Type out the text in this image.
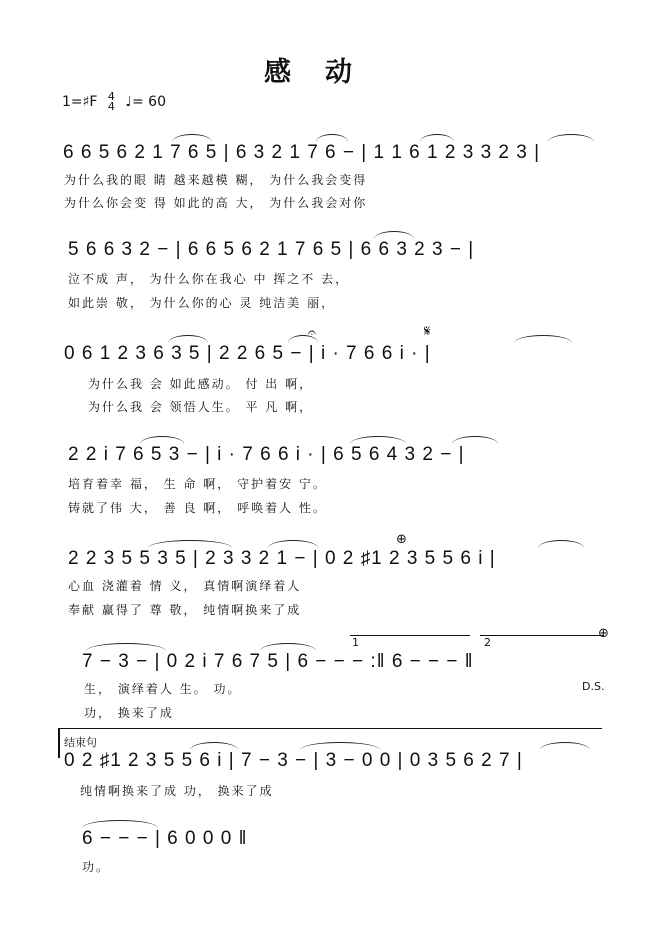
感动
1=♯F 4
4 ♩= 60
6 6 5 6 2 1 7 6 5 | 6 3 2 1 7 6 − | 1 1 6 1 2 3 3 2 3 |
为什么我的眼 睛 越来越模 糊， 为什么我会变得
为什么你会变 得 如此的高 大， 为什么我会对你
5 6 6 3 2 − | 6 6 5 6 2 1 7 6 5 | 6 6 3 2 3 − |
泣不成 声， 为什么你在我心 中 挥之不 去，
如此崇 敬， 为什么你的心 灵 纯洁美 丽，
0 6 1 2 3 6 3 5 | 2 2 6 5 − | i · 7 6 6 i · |
为什么我 会 如此感动。 付 出 啊，
为什么我 会 领悟人生。 平 凡 啊，
𝄐	𝄋
2 2 i 7 6 5 3 − | i · 7 6 6 i · | 6 5 6 4 3 2 − |
培育着幸 福， 生 命 啊， 守护着安 宁。
铸就了伟 大， 善 良 啊， 呼唤着人 性。
2 2 3 5 5 3 5 | 2 3 3 2 1 − | 0 2 ♯1 2 3 5 5 6 i |
心血 浇灌着 情 义， 真情啊演绎着人
奉献 赢得了 尊 敬， 纯情啊换来了成
⊕
7 − 3 − | 0 2 i 7 6 7 5 | 6 − − − :‖ 6 − − − ‖
生， 演绎着人 生。 功。
功， 换来了成
1	2
⊕
D.S.
结束句
0 2 ♯1 2 3 5 5 6 i | 7 − 3 − | 3 − 0 0 | 0 3 5 6 2 7 |
纯情啊换来了成 功， 换来了成
6 − − − | 6 0 0 0 ‖
功。
